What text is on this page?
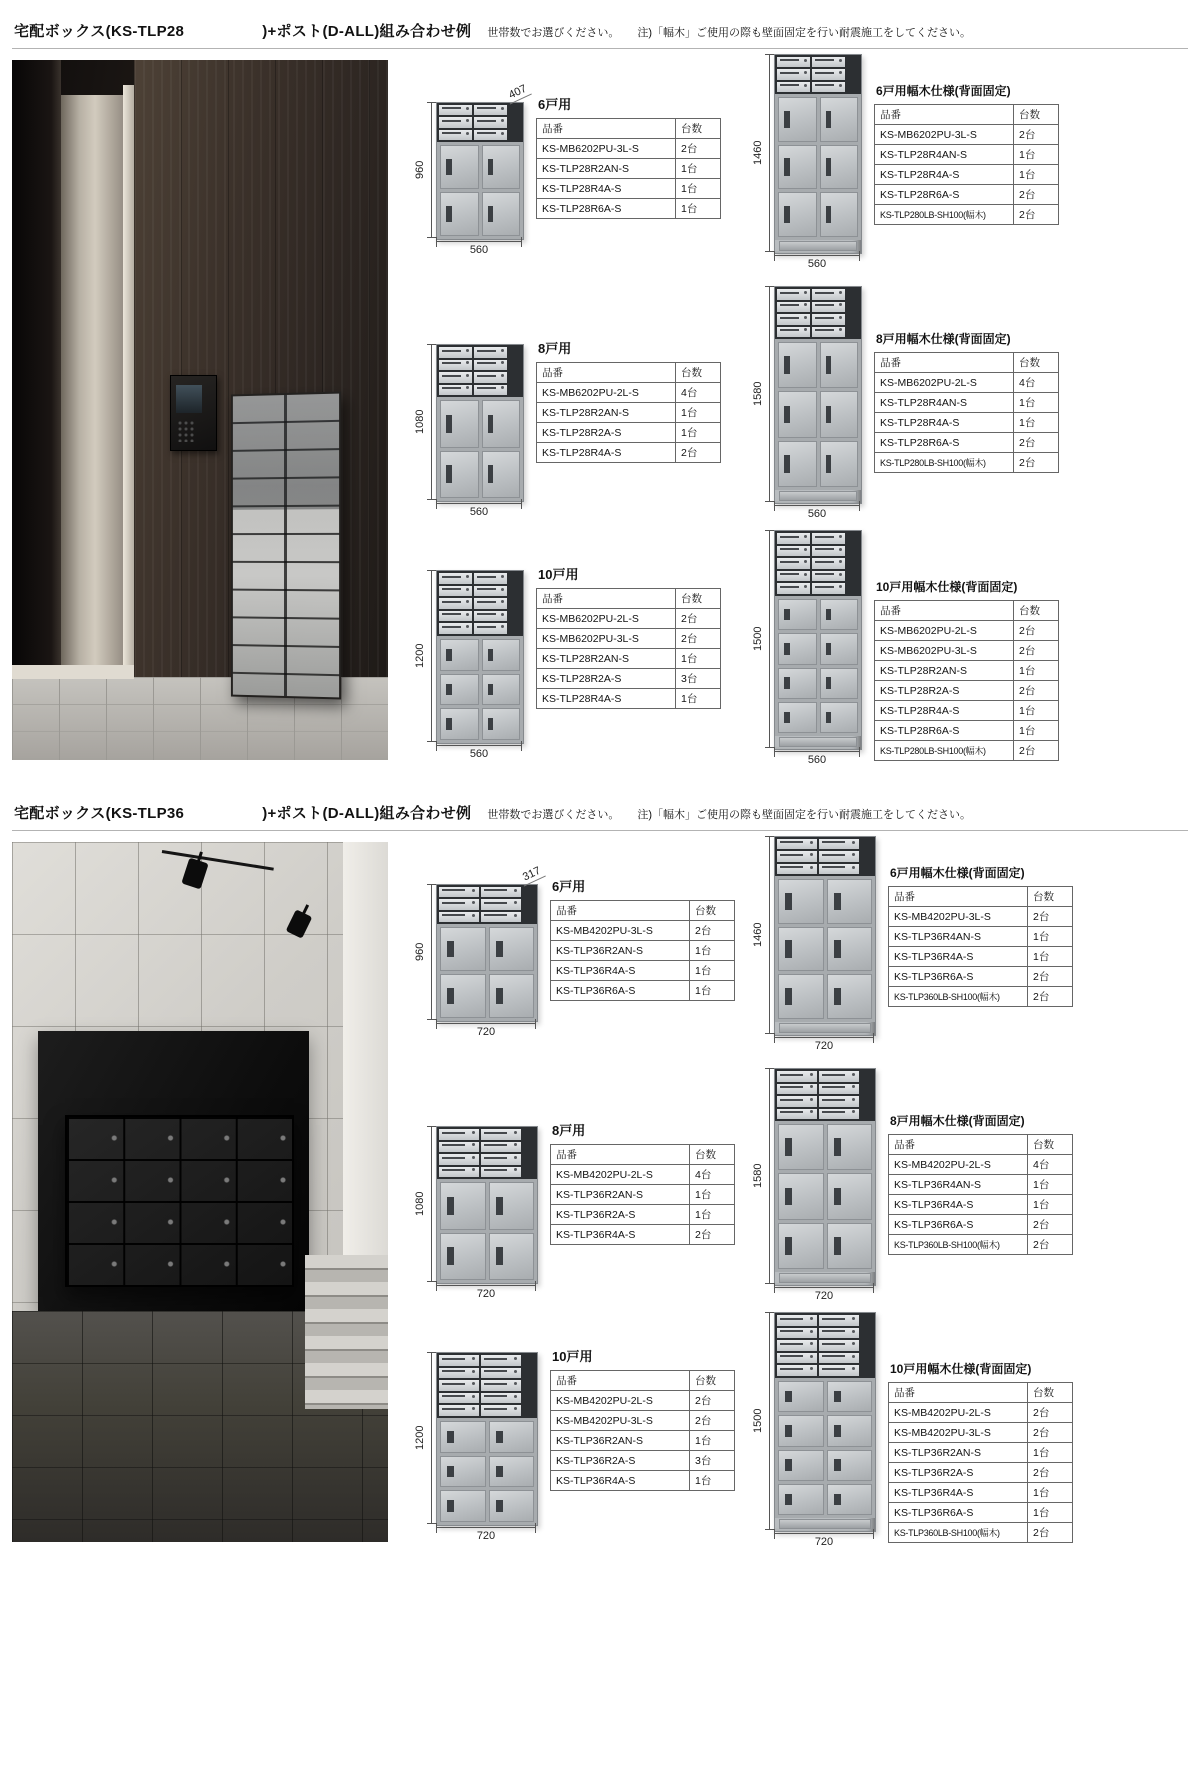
宅配ボックス(KS-TLP28	)+ポスト(D-ALL)組み合わせ例 世帯数でお選びください。 注)「幅木」ご使用の際も壁面固定を行い耐震施工をしてください。
960
407
560
6戸用
品番	台数
KS-MB6202PU-3L-S	2台
KS-TLP28R2AN-S	1台
KS-TLP28R4A-S	1台
KS-TLP28R6A-S	1台
1080
560
8戸用
品番	台数
KS-MB6202PU-2L-S	4台
KS-TLP28R2AN-S	1台
KS-TLP28R2A-S	1台
KS-TLP28R4A-S	2台
1200
560
10戸用
品番	台数
KS-MB6202PU-2L-S	2台
KS-MB6202PU-3L-S	2台
KS-TLP28R2AN-S	1台
KS-TLP28R2A-S	3台
KS-TLP28R4A-S	1台
1460
560
6戸用幅木仕様(背面固定)
品番	台数
KS-MB6202PU-3L-S	2台
KS-TLP28R4AN-S	1台
KS-TLP28R4A-S	1台
KS-TLP28R6A-S	2台
KS-TLP280LB-SH100(幅木)	2台
1580
560
8戸用幅木仕様(背面固定)
品番	台数
KS-MB6202PU-2L-S	4台
KS-TLP28R4AN-S	1台
KS-TLP28R4A-S	1台
KS-TLP28R6A-S	2台
KS-TLP280LB-SH100(幅木)	2台
1500
560
10戸用幅木仕様(背面固定)
品番	台数
KS-MB6202PU-2L-S	2台
KS-MB6202PU-3L-S	2台
KS-TLP28R2AN-S	1台
KS-TLP28R2A-S	2台
KS-TLP28R4A-S	1台
KS-TLP28R6A-S	1台
KS-TLP280LB-SH100(幅木)	2台
宅配ボックス(KS-TLP36	)+ポスト(D-ALL)組み合わせ例 世帯数でお選びください。 注)「幅木」ご使用の際も壁面固定を行い耐震施工をしてください。
960
317
720
6戸用
品番	台数
KS-MB4202PU-3L-S	2台
KS-TLP36R2AN-S	1台
KS-TLP36R4A-S	1台
KS-TLP36R6A-S	1台
1080
720
8戸用
品番	台数
KS-MB4202PU-2L-S	4台
KS-TLP36R2AN-S	1台
KS-TLP36R2A-S	1台
KS-TLP36R4A-S	2台
1200
720
10戸用
品番	台数
KS-MB4202PU-2L-S	2台
KS-MB4202PU-3L-S	2台
KS-TLP36R2AN-S	1台
KS-TLP36R2A-S	3台
KS-TLP36R4A-S	1台
1460
720
6戸用幅木仕様(背面固定)
品番	台数
KS-MB4202PU-3L-S	2台
KS-TLP36R4AN-S	1台
KS-TLP36R4A-S	1台
KS-TLP36R6A-S	2台
KS-TLP360LB-SH100(幅木)	2台
1580
720
8戸用幅木仕様(背面固定)
品番	台数
KS-MB4202PU-2L-S	4台
KS-TLP36R4AN-S	1台
KS-TLP36R4A-S	1台
KS-TLP36R6A-S	2台
KS-TLP360LB-SH100(幅木)	2台
1500
720
10戸用幅木仕様(背面固定)
品番	台数
KS-MB4202PU-2L-S	2台
KS-MB4202PU-3L-S	2台
KS-TLP36R2AN-S	1台
KS-TLP36R2A-S	2台
KS-TLP36R4A-S	1台
KS-TLP36R6A-S	1台
KS-TLP360LB-SH100(幅木)	2台
